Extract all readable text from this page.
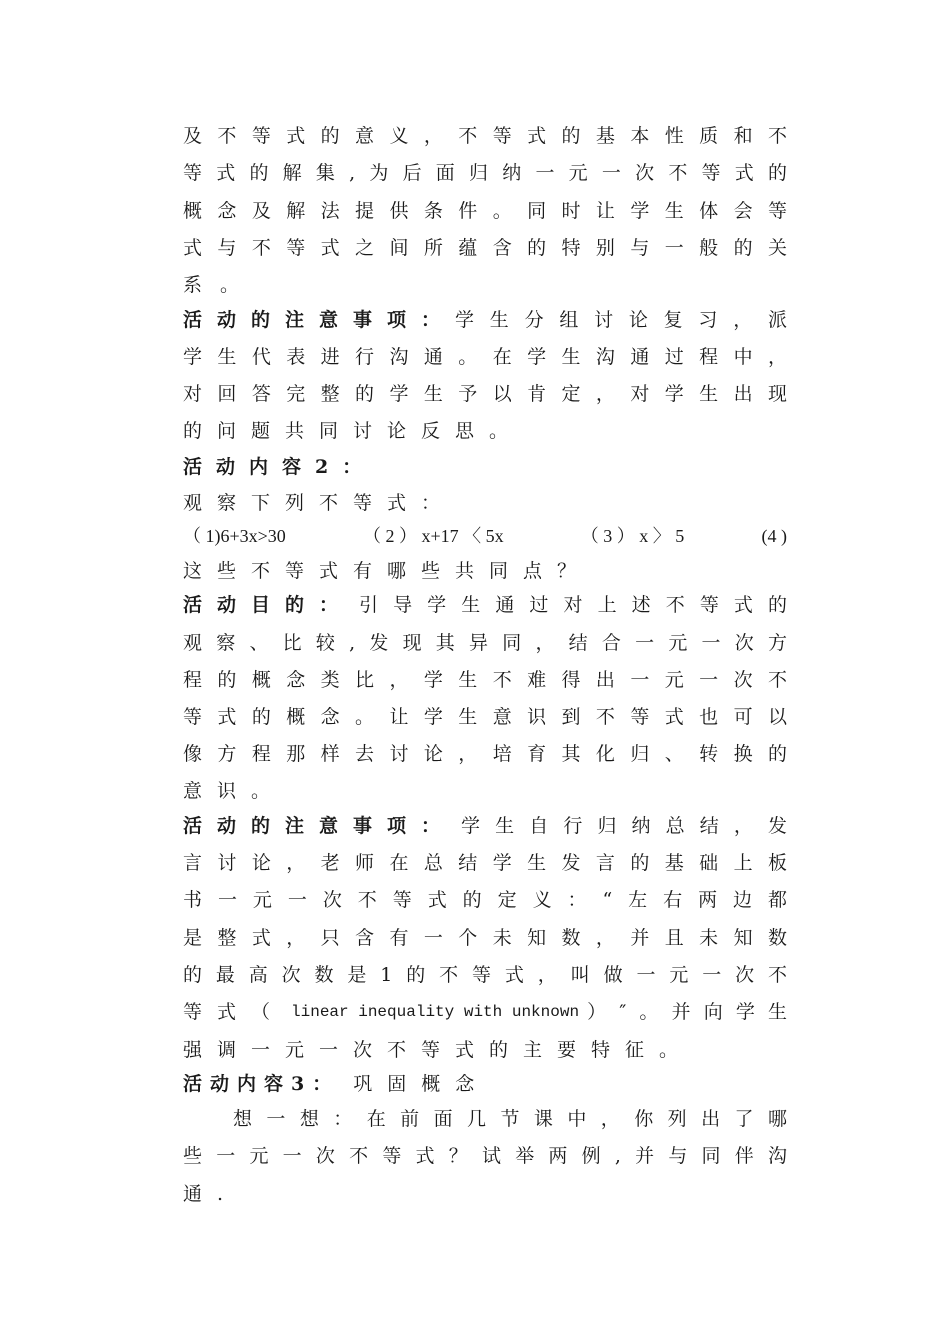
及不等式的意义，不等式的基本性质和不
等式的解集,为后面归纳一元一次不等式的
概念及解法提供条件。同时让学生体会等
式与不等式之间所蕴含的特别与一般的关
系。
活动的注意事项： 学生分组讨论复习，派
学生代表进行沟通。在学生沟通过程中，
对回答完整的学生予以肯定，对学生出现
的问题共同讨论反思。
活动内容2：
观察下列不等式：
（ 1)6+3x>30	（ 2 ） x+17 〈 5x	（ 3 ） x 〉 5	(4 )
这些不等式有哪些共同点？
活动目的： 引导学生通过对上述不等式的
观察、比较,发现其异同，结合一元一次方
程的概念类比，学生不难得出一元一次不
等式的概念。让学生意识到不等式也可以
像方程那样去讨论，培育其化归、转换的
意识。
活动的注意事项： 学生自行归纳总结，发
言讨论，老师在总结学生发言的基础上板
书一元一次不等式的定义：“左右两边都
是整式，只含有一个未知数，并且未知数
的最高次数是1的不等式，叫做一元一次不
等式（ linear inequality with unknown ）″。并向学生
强调一元一次不等式的主要特征。
活动内容3： 巩固概念
想一想：在前面几节课中，你列出了哪
些一元一次不等式？试举两例,并与同伴沟
通.
